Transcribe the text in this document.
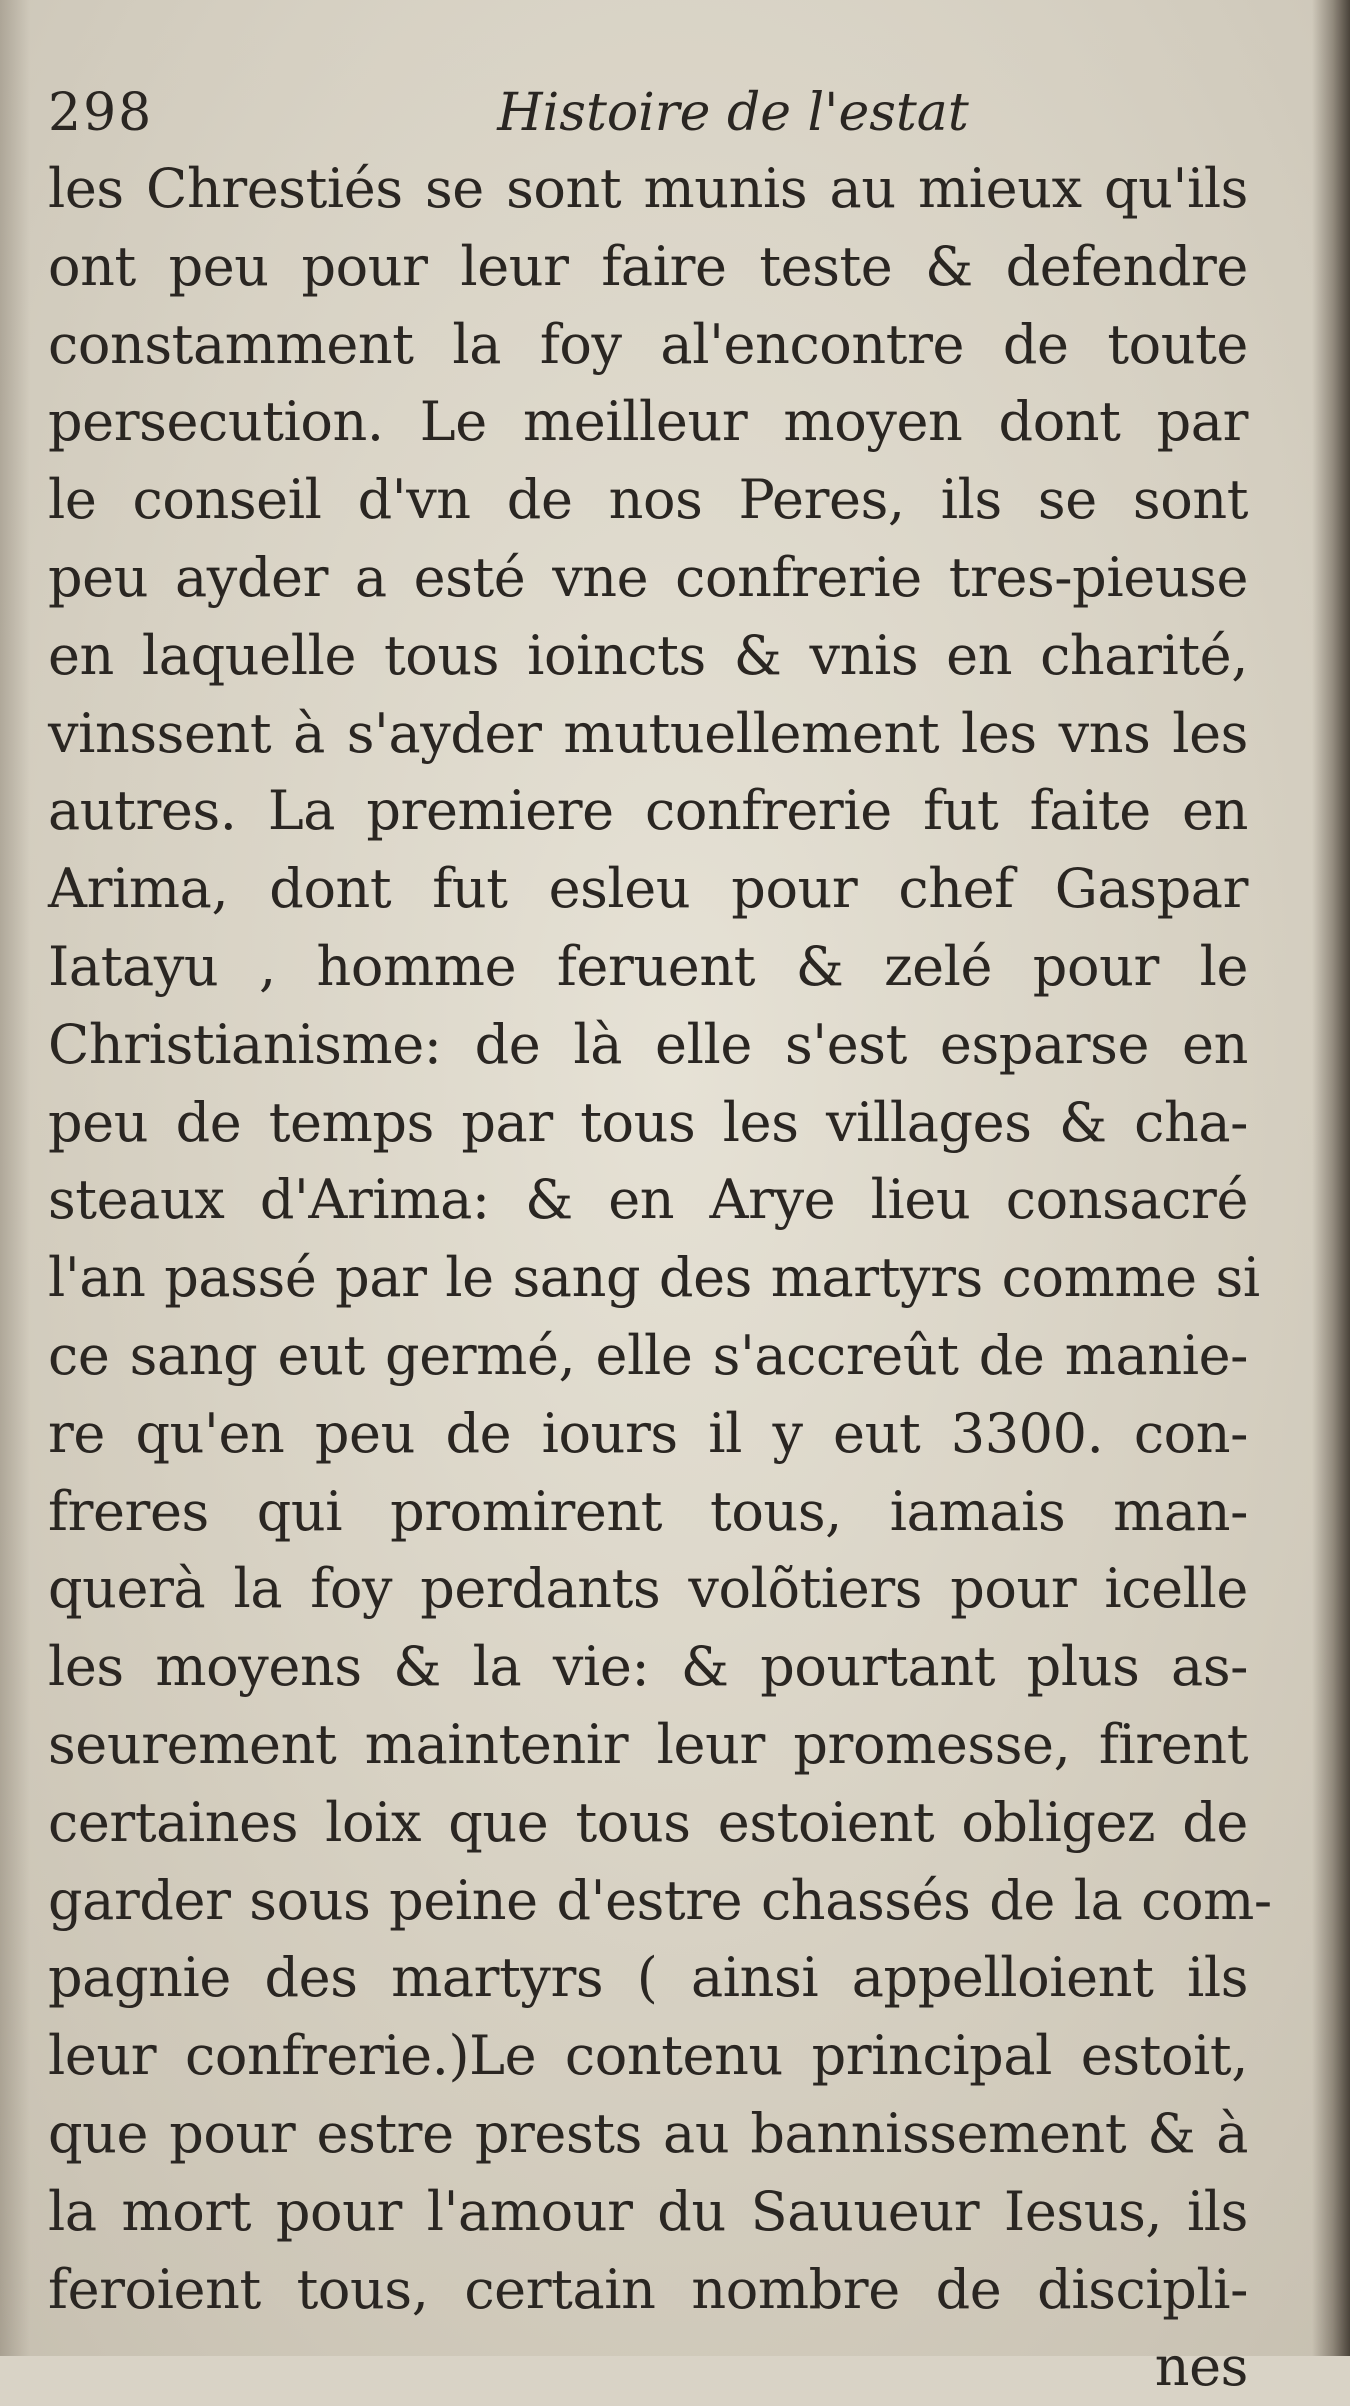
298	Histoire de l'estat
les Chrestiés se sont munis au mieux qu'ils
ont peu pour leur faire teste & defendre
constamment la foy al'encontre de toute
persecution. Le meilleur moyen dont par
le conseil d'vn de nos Peres, ils se sont
peu ayder a esté vne confrerie tres-pieuse
en laquelle tous ioincts & vnis en charité,
vinssent à s'ayder mutuellement les vns les
autres. La premiere confrerie fut faite en
Arima, dont fut esleu pour chef Gaspar
Iatayu , homme feruent & zelé pour le
Christianisme: de là elle s'est esparse en
peu de temps par tous les villages & cha-
steaux d'Arima: & en Arye lieu consacré
l'an passé par le sang des martyrs comme si
ce sang eut germé, elle s'accreût de manie-
re qu'en peu de iours il y eut 3300. con-
freres qui promirent tous, iamais man-
querà la foy perdants volõtiers pour icelle
les moyens & la vie: & pourtant plus as-
seurement maintenir leur promesse, firent
certaines loix que tous estoient obligez de
garder sous peine d'estre chassés de la com-
pagnie des martyrs ( ainsi appelloient ils
leur confrerie.)Le contenu principal estoit,
que pour estre prests au bannissement & à
la mort pour l'amour du Sauueur Iesus, ils
feroient tous, certain nombre de discipli-
nes
